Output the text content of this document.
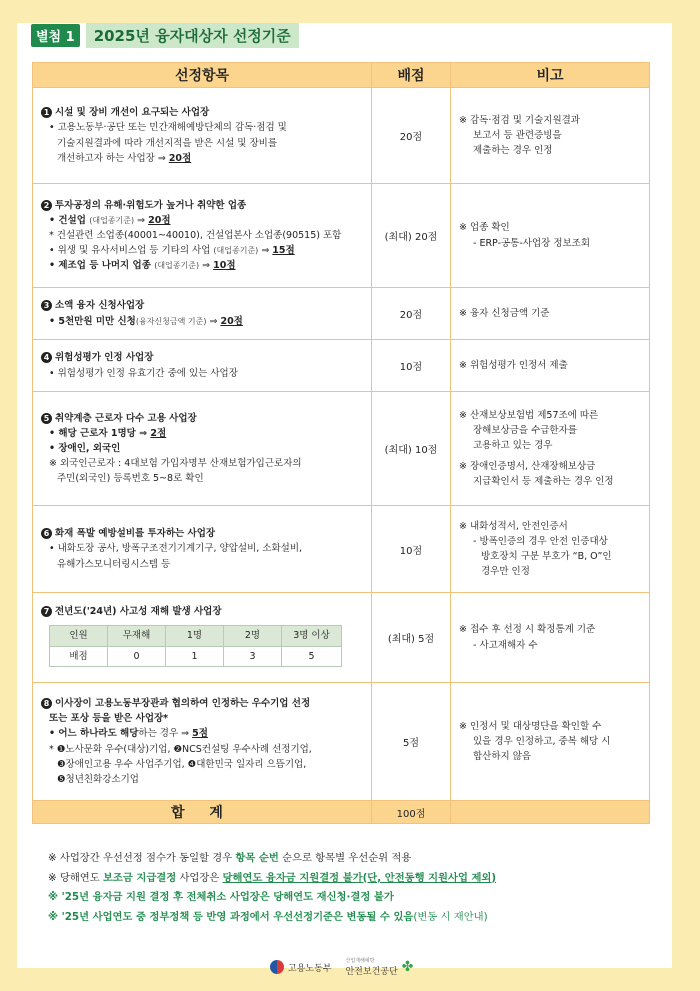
별첨 1	2025년 융자대상자 선정기준
선정항목	배점	비고

1 시설 및 장비 개선이 요구되는 사업장
• 고용노동부·공단 또는 민간재해예방단체의 감독·점검 및
기술지원결과에 따라 개선지적을 받은 시설 및 장비를
개선하고자 하는 사업장 ⇒ 20점
	20점	
※ 감독·점검 및 기술지원결과
보고서 등 관련증빙을
제출하는 경우 인정

2 투자공정의 유해·위험도가 높거나 취약한 업종
• 건설업 (대업종기준) ⇒ 20점
* 건설관련 소업종(40001~40010), 건설업본사 소업종(90515) 포함
• 위생 및 유사서비스업 등 기타의 사업 (대업종기준) ⇒ 15점
• 제조업 등 나머지 업종 (대업종기준) ⇒ 10점
	(최대) 20점	
※ 업종 확인
- ERP-공통-사업장 정보조회

3 소액 융자 신청사업장
• 5천만원 미만 신청(융자신청금액 기준) ⇒ 20점	20점	※ 융자 신청금액 기준

4 위험성평가 인정 사업장
• 위험성평가 인정 유효기간 중에 있는 사업장	10점	※ 위험성평가 인정서 제출

5 취약계층 근로자 다수 고용 사업장
• 해당 근로자 1명당 ⇒ 2점
• 장애인, 외국인
※ 외국인근로자 : 4대보험 가입자명부 산재보험가입근로자의
주민(외국인) 등록번호 5~8로 확인
	(최대) 10점	
※ 산재보상보험법 제57조에 따른
장해보상금을 수급한자를
고용하고 있는 경우
※ 장애인증명서, 산재장해보상금
지급확인서 등 제출하는 경우 인정

6 화재 폭발 예방설비를 투자하는 사업장
• 내화도장 공사, 방폭구조전기기계기구, 양압설비, 소화설비,
유해가스모니터링시스템 등
	10점	
※ 내화성적서, 안전인증서
- 방폭인증의 경우 안전 인증대상
방호장치 구분 부호가 “B, O”인
경우만 인정

7 전년도('24년) 사고성 재해 발생 사업장
인원	무재해	1명	2명	3명 이상
배점	0	1	3	5
	(최대) 5점	
※ 접수 후 선정 시 확정통계 기준
- 사고재해자 수

8 이사장이 고용노동부장관과 협의하여 인정하는 우수기업 선정
또는 포상 등을 받은 사업장*
• 어느 하나라도 해당하는 경우 ⇒ 5점
* ❶노사문화 우수(대상)기업, ❷NCS컨설팅 우수사례 선정기업,
❸장애인고용 우수 사업주기업, ❹대한민국 일자리 으뜸기업,
❺청년친화강소기업
	5점	
※ 인정서 및 대상명단을 확인할 수
있을 경우 인정하고, 중복 해당 시
합산하지 않음

합 계	100점	
※ 사업장간 우선선정 점수가 동일할 경우 항목 순번 순으로 항목별 우선순위 적용
※ 당해연도 보조금 지급결정 사업장은 당해연도 융자금 지원결정 불가(단, 안전동행 지원사업 제외)
※ '25년 융자금 지원 결정 후 전체취소 사업장은 당해연도 재신청·결정 불가
※ '25년 사업연도 중 정부정책 등 반영 과정에서 우선선정기준은 변동될 수 있음(변동 시 재안내)
고용노동부
산업재해예방
안전보건공단 ✤
